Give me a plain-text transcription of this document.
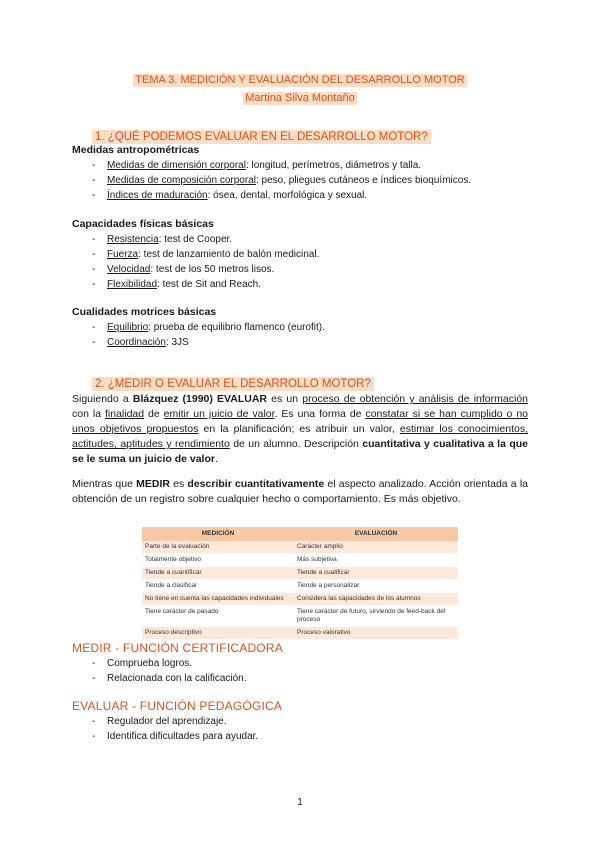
TEMA 3. MEDICIÓN Y EVALUACIÓN DEL DESARROLLO MOTOR
Martina Silva Montaño
1. ¿QUÉ PODEMOS EVALUAR EN EL DESARROLLO MOTOR?
Medidas antropométricas
- Medidas de dimensión corporal: longitud, perímetros, diámetros y talla.
- Medidas de composición corporal: peso, pliegues cutáneos e índices bioquímicos.
- Índices de maduración: ósea, dental, morfológica y sexual.
Capacidades físicas básicas
- Resistencia: test de Cooper.
- Fuerza: test de lanzamiento de balón medicinal.
- Velocidad: test de los 50 metros lisos.
- Flexibilidad: test de Sit and Reach.
Cualidades motrices básicas
- Equilibrio: prueba de equilibrio flamenco (eurofit).
- Coordinación: 3JS
2. ¿MEDIR O EVALUAR EL DESARROLLO MOTOR?
Siguiendo a Blázquez (1990) EVALUAR es un proceso de obtención y análisis de información con la finalidad de emitir un juicio de valor. Es una forma de constatar si se han cumplido o no unos objetivos propuestos en la planificación; es atribuir un valor, estimar los conocimientos, actitudes, aptitudes y rendimiento de un alumno. Descripción cuantitativa y cualitativa a la que se le suma un juicio de valor.
Mientras que MEDIR es describir cuantitativamente el aspecto analizado. Acción orientada a la obtención de un registro sobre cualquier hecho o comportamiento. Es más objetivo.
MEDICIÓN	EVALUACIÓN
Parte de la evaluación	Carácter amplio
Totalmente objetivo	Más subjetiva
Tiende a cuantificar	Tiende a cualificar
Tiende a clasificar	Tiende a personalizar
No tiene en cuenta las capacidades individuales	Considera las capacidades de los alumnos
Tiene carácter de pasado	Tiene carácter de futuro, sirviendo de feed-back del proceso
Proceso descriptivo	Proceso valorativo
MEDIR - FUNCIÓN CERTIFICADORA
- Comprueba logros.
- Relacionada con la calificación.
EVALUAR - FUNCIÓN PEDAGÓGICA
- Regulador del aprendizaje.
- Identifica dificultades para ayudar.
1
